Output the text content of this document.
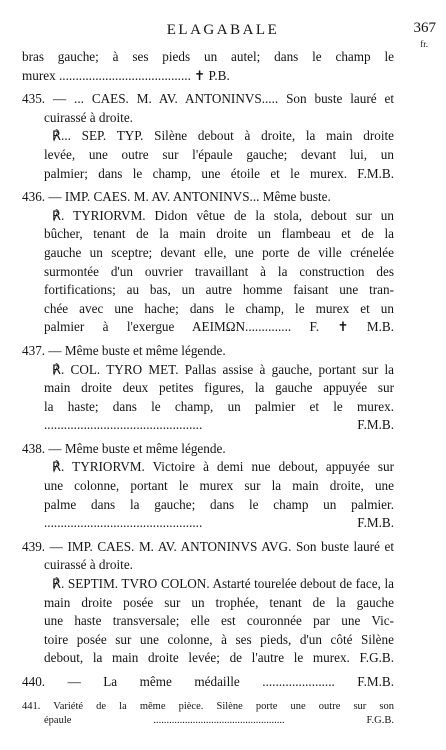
ELAGABALE	367
fr.
bras gauche; à ses pieds un autel; dans le champ le
murex ........................................ ✝ P.B.
435. — ... CAES. M. AV. ANTONINVS..... Son buste lauré et
cuirassé à droite.
℟... SEP. TYP. Silène debout à droite, la main droite
levée, une outre sur l'épaule gauche; devant lui, un
palmier; dans le champ, une étoile et le murex. F.M.B.
436. — IMP. CAES. M. AV. ANTONINVS... Même buste.
℟. TYRIORVM. Didon vêtue de la stola, debout sur un
bûcher, tenant de la main droite un flambeau et de la
gauche un sceptre; devant elle, une porte de ville crénelée
surmontée d'un ouvrier travaillant à la construction des
fortifications; au bas, un autre homme faisant une tran-
chée avec une hache; dans le champ, le murex et un
palmier à l'exergue AEIMΩN.............. F. ✝ M.B.
437. — Même buste et même légende.
℟. COL. TYRO MET. Pallas assise à gauche, portant sur la
main droite deux petites figures, la gauche appuyée sur
la haste; dans le champ, un palmier et le murex.
................................................ F.M.B.
438. — Même buste et même légende.
℟. TYRIORVM. Victoire à demi nue debout, appuyée sur
une colonne, portant le murex sur la main droite, une
palme dans la gauche; dans le champ un palmier.
................................................ F.M.B.
439. — IMP. CAES. M. AV. ANTONINVS AVG. Son buste lauré et
cuirassé à droite.
℟. SEPTIM. TVRO COLON. Astarté tourelée debout de face, la
main droite posée sur un trophée, tenant de la gauche
une haste transversale; elle est couronnée par une Vic-
toire posée sur une colonne, à ses pieds, d'un côté Silène
debout, la main droite levée; de l'autre le murex. F.G.B.
440. — La même médaille ...................... F.M.B.
441. Variété de la même pièce. Silène porte une outre sur son
épaule .................................................. F.G.B.
